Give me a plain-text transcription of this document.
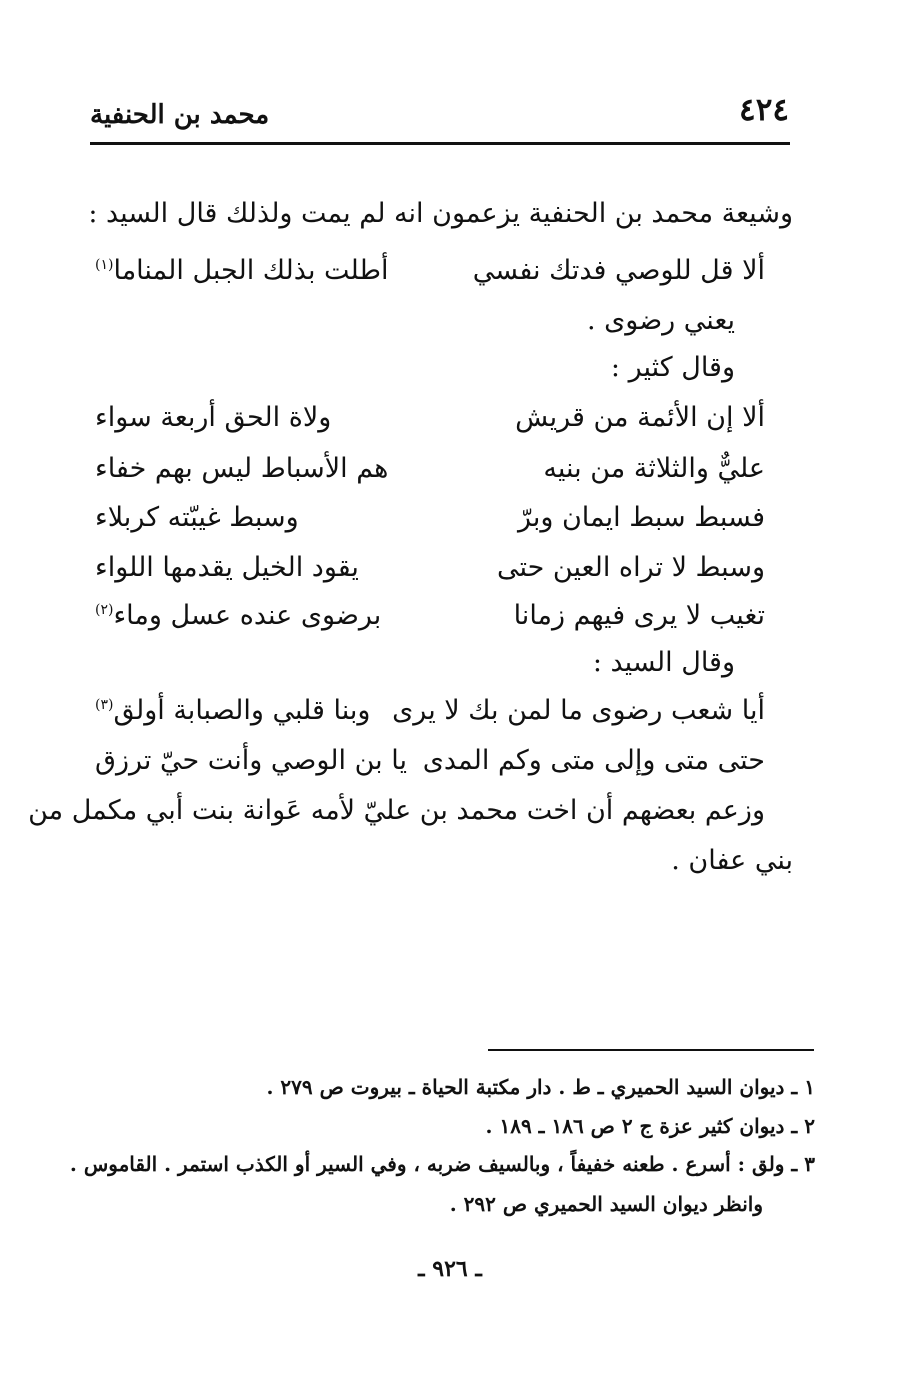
٤٢٤
محمد بن الحنفية
وشيعة محمد بن الحنفية يزعمون انه لم يمت ولذلك قال السيد :
ألا قل للوصي فدتك نفسي
أطلت بذلك الجبل المناما$^{(١)}$
يعني رضوى .
وقال كثير :
ألا إن الأئمة من قريش
ولاة الحق أربعة سواء
عليٌّ والثلاثة من بنيه
هم الأسباط ليس بهم خفاء
فسبط سبط ايمان وبرّ
وسبط غيبّته كربلاء
وسبط لا تراه العين حتى
يقود الخيل يقدمها اللواء
تغيب لا يرى فيهم زمانا
برضوى عنده عسل وماء$^{(٢)}$
وقال السيد :
أيا شعب رضوى ما لمن بك لا يرى
وبنا قلبي والصبابة أولق$^{(٣)}$
حتى متى وإلى متى وكم المدى
يا بن الوصي وأنت حيّ ترزق
وزعم بعضهم أن اخت محمد بن عليّ لأمه عَوانة بنت أبي مكمل من
بني عفان .
١ ـ ديوان السيد الحميري ـ ط . دار مكتبة الحياة ـ بيروت ص ٢٧٩ .
٢ ـ ديوان كثير عزة ج ٢ ص ١٨٦ ـ ١٨٩ .
٣ ـ ولق : أسرع . طعنه خفيفاً ، وبالسيف ضربه ، وفي السير أو الكذب استمر . القاموس .
وانظر ديوان السيد الحميري ص ٢٩٢ .
ـ ٩٢٦ ـ
